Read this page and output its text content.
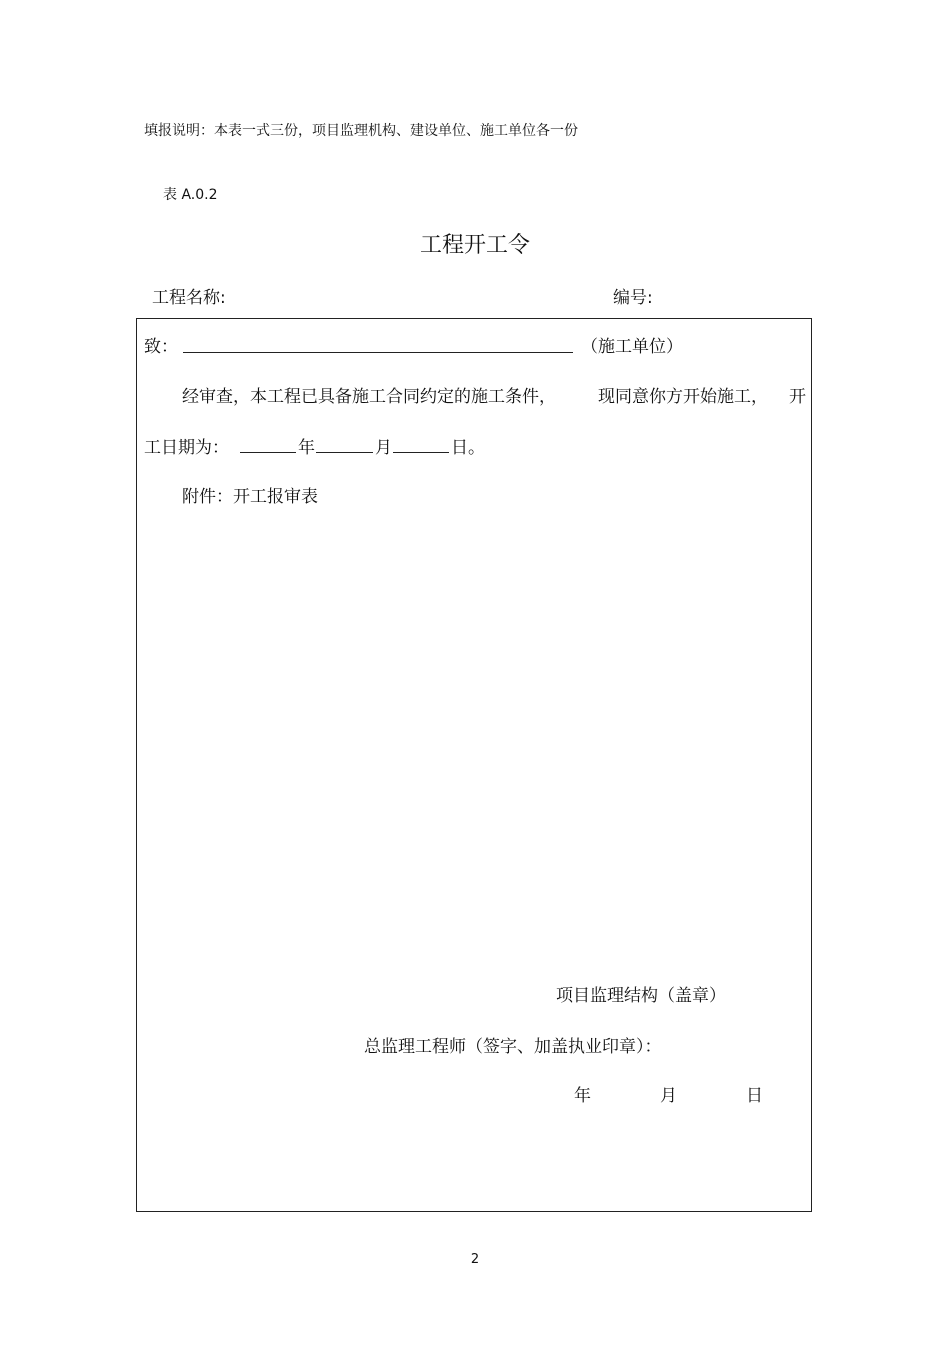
填报说明：本表一式三份，项目监理机构、建设单位、施工单位各一份
表 A.0.2
工程开工令
工程名称:	编号:
致：	（施工单位）
经审查，本工程已具备施工合同约定的施工条件， 现同意你方开始施工， 开
工日期为：	年	月	日。
附件：开工报审表
项目监理结构（盖章）
总监理工程师（签字、加盖执业印章）：
年	月	日
2
